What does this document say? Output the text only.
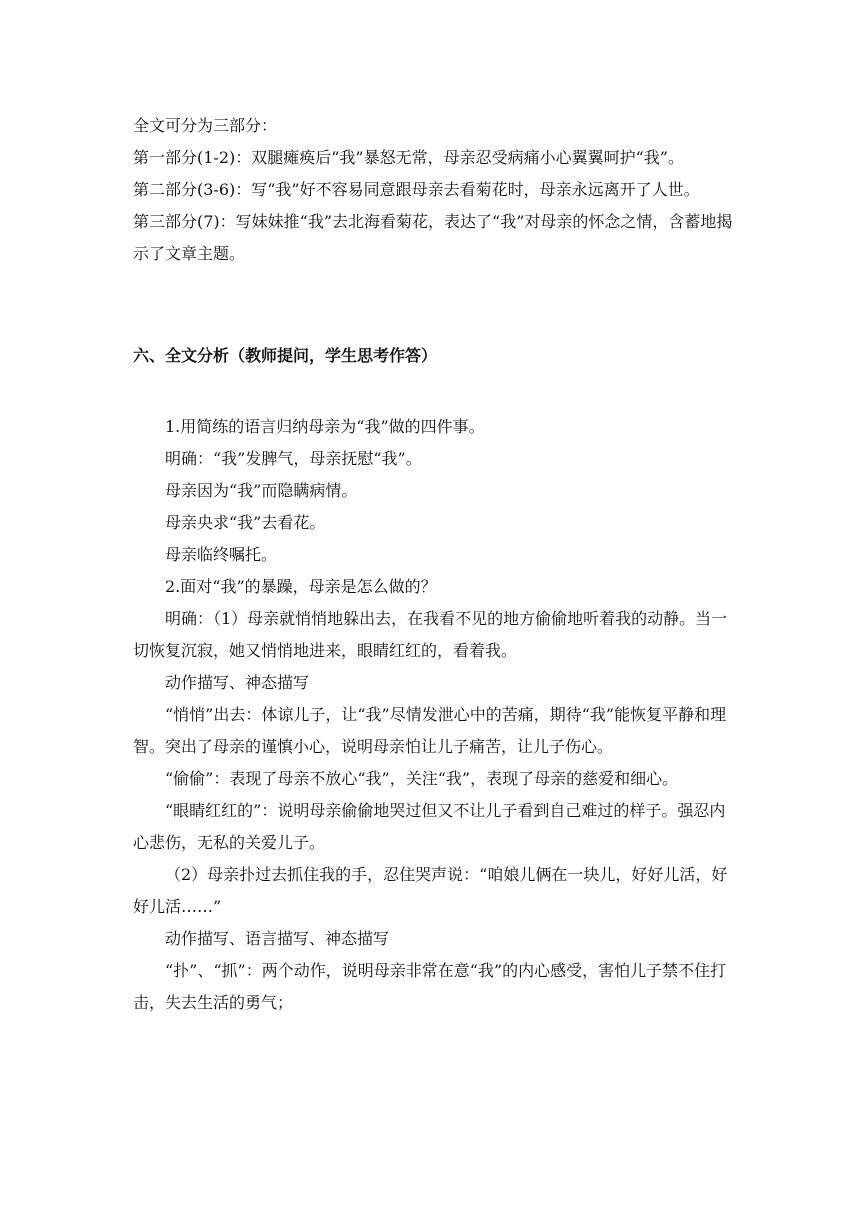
全文可分为三部分：
第一部分(1-2)：双腿瘫痪后“我”暴怒无常，母亲忍受病痛小心翼翼呵护“我”。
第二部分(3-6)：写“我”好不容易同意跟母亲去看菊花时，母亲永远离开了人世。
第三部分(7)：写妹妹推“我”去北海看菊花，表达了“我”对母亲的怀念之情，含蓄地揭示了文章主题。
六、全文分析（教师提问，学生思考作答）
1.用简练的语言归纳母亲为“我”做的四件事。
明确：“我”发脾气，母亲抚慰“我”。
母亲因为“我”而隐瞒病情。
母亲央求“我”去看花。
母亲临终嘱托。
2.面对“我”的暴躁，母亲是怎么做的？
明确：（1）母亲就悄悄地躲出去，在我看不见的地方偷偷地听着我的动静。当一切恢复沉寂，她又悄悄地进来，眼睛红红的，看着我。
动作描写、神态描写
“悄悄”出去：体谅儿子，让“我”尽情发泄心中的苦痛，期待“我”能恢复平静和理智。突出了母亲的谨慎小心，说明母亲怕让儿子痛苦，让儿子伤心。
“偷偷”：表现了母亲不放心“我”，关注“我”，表现了母亲的慈爱和细心。
“眼睛红红的”：说明母亲偷偷地哭过但又不让儿子看到自己难过的样子。强忍内心悲伤，无私的关爱儿子。
（2）母亲扑过去抓住我的手，忍住哭声说：“咱娘儿俩在一块儿，好好儿活，好好儿活……”
动作描写、语言描写、神态描写
“扑”、“抓”：两个动作，说明母亲非常在意“我”的内心感受，害怕儿子禁不住打击，失去生活的勇气；
